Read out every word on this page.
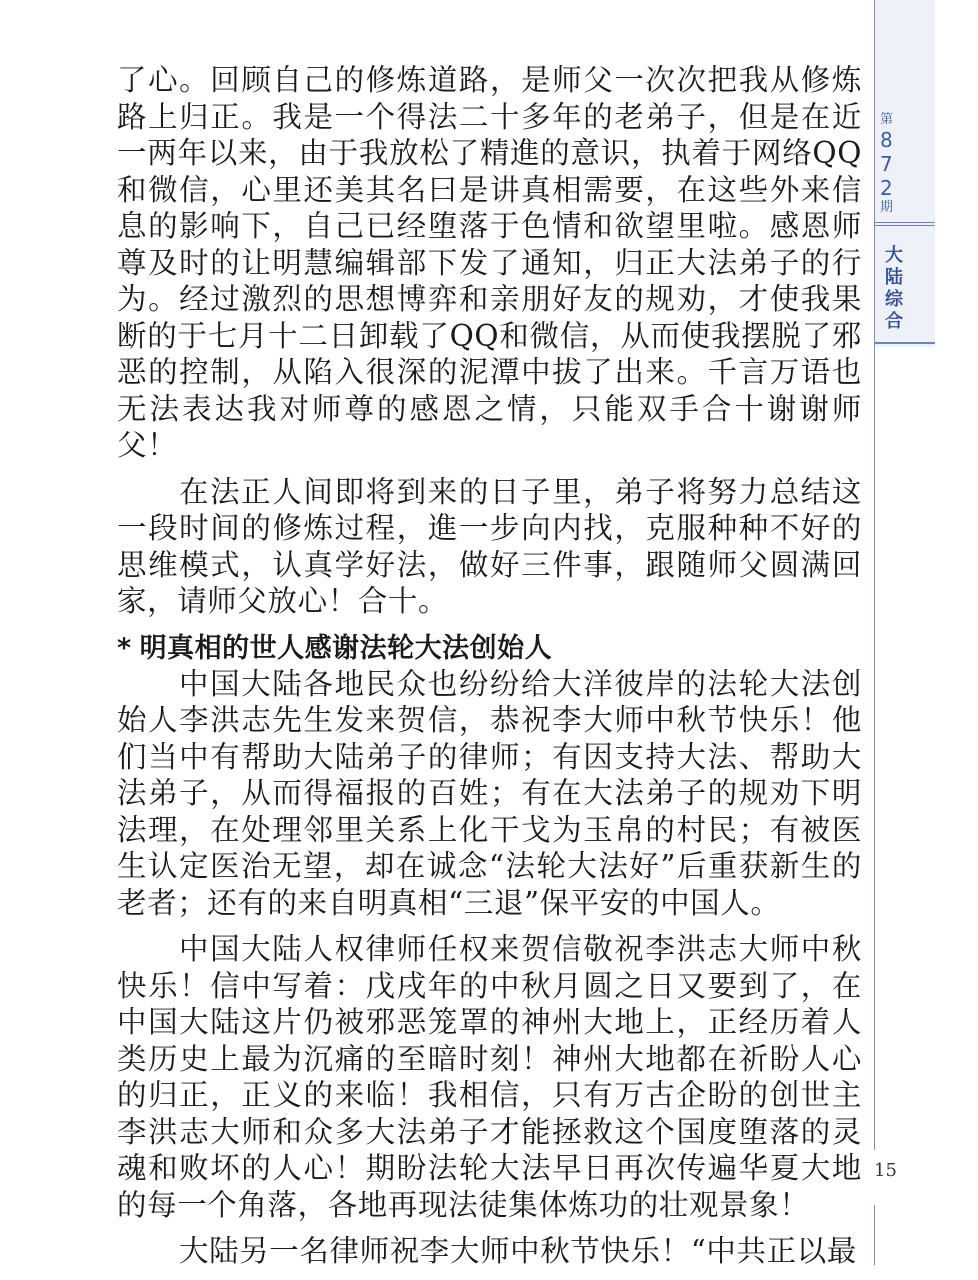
了心。回顾自己的修炼道路，是师父一次次把我从修炼路上归正。我是一个得法二十多年的老弟子，但是在近一两年以来，由于我放松了精進的意识，执着于网络QQ和微信，心里还美其名曰是讲真相需要，在这些外来信息的影响下，自己已经堕落于色情和欲望里啦。感恩师尊及时的让明慧编辑部下发了通知，归正大法弟子的行为。经过激烈的思想博弈和亲朋好友的规劝，才使我果断的于七月十二日卸载了QQ和微信，从而使我摆脱了邪恶的控制，从陷入很深的泥潭中拔了出来。千言万语也无法表达我对师尊的感恩之情，只能双手合十谢谢师父！

在法正人间即将到来的日子里，弟子将努力总结这一段时间的修炼过程，進一步向内找，克服种种不好的思维模式，认真学好法，做好三件事，跟随师父圆满回家，请师父放心！合十。

* 明真相的世人感谢法轮大法创始人

中国大陆各地民众也纷纷给大洋彼岸的法轮大法创始人李洪志先生发来贺信，恭祝李大师中秋节快乐！他们当中有帮助大陆弟子的律师；有因支持大法、帮助大法弟子，从而得福报的百姓；有在大法弟子的规劝下明法理，在处理邻里关系上化干戈为玉帛的村民；有被医生认定医治无望，却在诚念“法轮大法好”后重获新生的老者；还有的来自明真相“三退”保平安的中国人。

中国大陆人权律师任权来贺信敬祝李洪志大师中秋快乐！信中写着：戊戌年的中秋月圆之日又要到了，在中国大陆这片仍被邪恶笼罩的神州大地上，正经历着人类历史上最为沉痛的至暗时刻！神州大地都在祈盼人心的归正，正义的来临！我相信，只有万古企盼的创世主李洪志大师和众多大法弟子才能拯救这个国度堕落的灵魂和败坏的人心！期盼法轮大法早日再次传遍华夏大地的每一个角落，各地再现法徒集体炼功的壮观景象！

大陆另一名律师祝李大师中秋节快乐！“中共正以最

第
8
7
2
期
大
陆
综
合
15
